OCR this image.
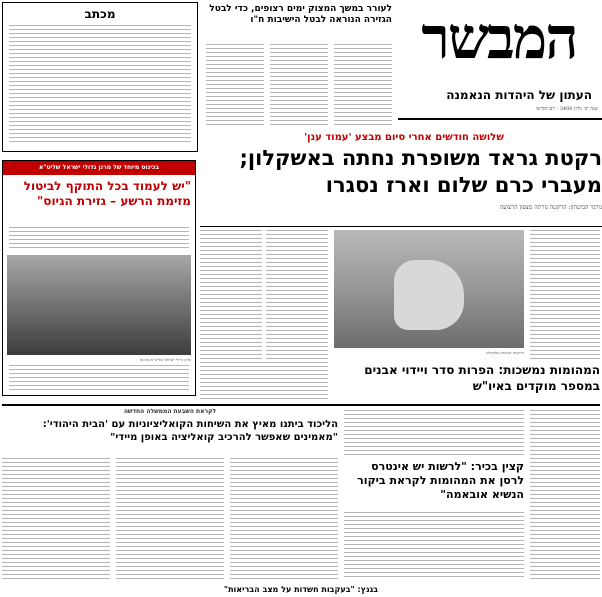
המבשר
העתון של היהדות הנאמנה
שנה יב׳ גליון 3400 · יום חמישי
לעורר במשך המצוק ימים רצופים, כדי לבטל הגזירה הנוראה לבטל הישיבות ח"ו
מכתב
שלושה חודשים אחרי סיום מבצע 'עמוד ענן'
רקטת גראד משופרת נחתה באשקלון; מעברי כרם שלום וארז נסגרו
גורמי הביטחון: הרקטה נורתה מצפון הרצועה
הרקטה שנחתה באשקלון
המהומות נמשכות: הפרות סדר ויידוי אבנים במספר מוקדים באיו"ש
בכינוס מיוחד של מרנן גדולי ישראל שליט"א
"יש לעמוד בכל התוקף לביטול מזימת הרשע – גזירת הגיוס"
מרנן גדולי ישראל שליט"א בכינוס
לקראת השבעת הממשלה החדשה
הליכוד ביתנו מאיץ את השיחות הקואליציוניות עם 'הבית היהודי': "מאמינים שאפשר להרכיב קואליציה באופן מיידי"
קצין בכיר: "לרשות יש אינטרס לרסן את המהומות לקראת ביקור הנשיא אובאמה"
בגנץ: "בעקבות חשדות על מצב הבריאות"
